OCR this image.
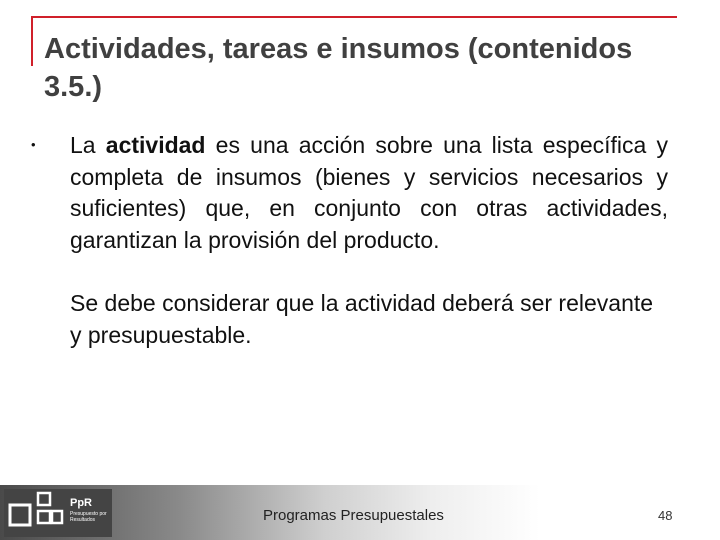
Actividades, tareas e insumos (contenidos 3.5.)
• La actividad es una acción sobre una lista específica y completa de insumos (bienes y servicios necesarios y suficientes) que, en conjunto con otras actividades, garantizan la provisión del producto.

Se debe considerar que la actividad deberá ser relevante y presupuestable.

PpR
Presupuesto por Resultados	Programas Presupuestales	48
